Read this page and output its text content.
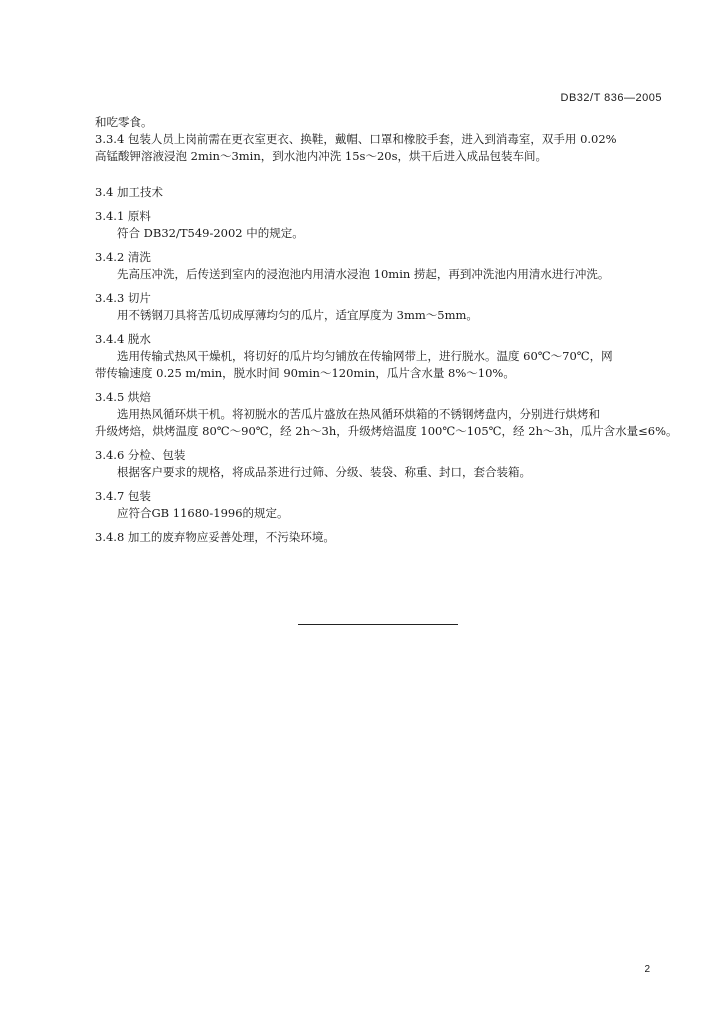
DB32/T 836—2005
和吃零食。
3.3.4 包装人员上岗前需在更衣室更衣、换鞋，戴帽、口罩和橡胶手套，进入到消毒室，双手用 0.02%
高锰酸钾溶液浸泡 2min～3min，到水池内冲洗 15s～20s，烘干后进入成品包装车间。
3.4 加工技术
3.4.1 原料
符合 DB32/T549-2002 中的规定。
3.4.2 清洗
先高压冲洗，后传送到室内的浸泡池内用清水浸泡 10min 捞起，再到冲洗池内用清水进行冲洗。
3.4.3 切片
用不锈钢刀具将苦瓜切成厚薄均匀的瓜片，适宜厚度为 3mm～5mm。
3.4.4 脱水
选用传输式热风干燥机，将切好的瓜片均匀铺放在传输网带上，进行脱水。温度 60℃～70℃，网
带传输速度 0.25 m/min，脱水时间 90min～120min，瓜片含水量 8%～10%。
3.4.5 烘焙
选用热风循环烘干机。将初脱水的苦瓜片盛放在热风循环烘箱的不锈钢烤盘内，分别进行烘烤和
升级烤焙，烘烤温度 80℃～90℃，经 2h～3h，升级烤焙温度 100℃～105℃，经 2h～3h，瓜片含水量≤6%。
3.4.6 分检、包装
根据客户要求的规格，将成品茶进行过筛、分级、装袋、称重、封口，套合装箱。
3.4.7 包装
应符合GB 11680-1996的规定。
3.4.8 加工的废弃物应妥善处理，不污染环境。
2
